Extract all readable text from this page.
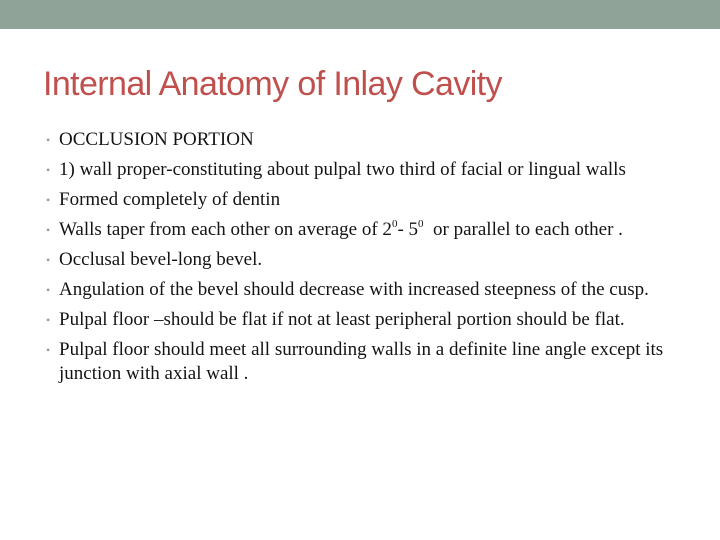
Internal Anatomy of Inlay Cavity
• OCCLUSION PORTION
• 1) wall proper-constituting about pulpal two third of facial or lingual walls
• Formed completely of dentin
• Walls taper from each other on average of $2^0-$ $5^0$  or parallel to each other .
• Occlusal bevel-long bevel.
• Angulation of the bevel should decrease with increased steepness of the cusp.
• Pulpal floor –should be flat if not at least peripheral portion should be flat.
• Pulpal floor should meet all surrounding walls in a definite line angle except its junction with axial wall .
